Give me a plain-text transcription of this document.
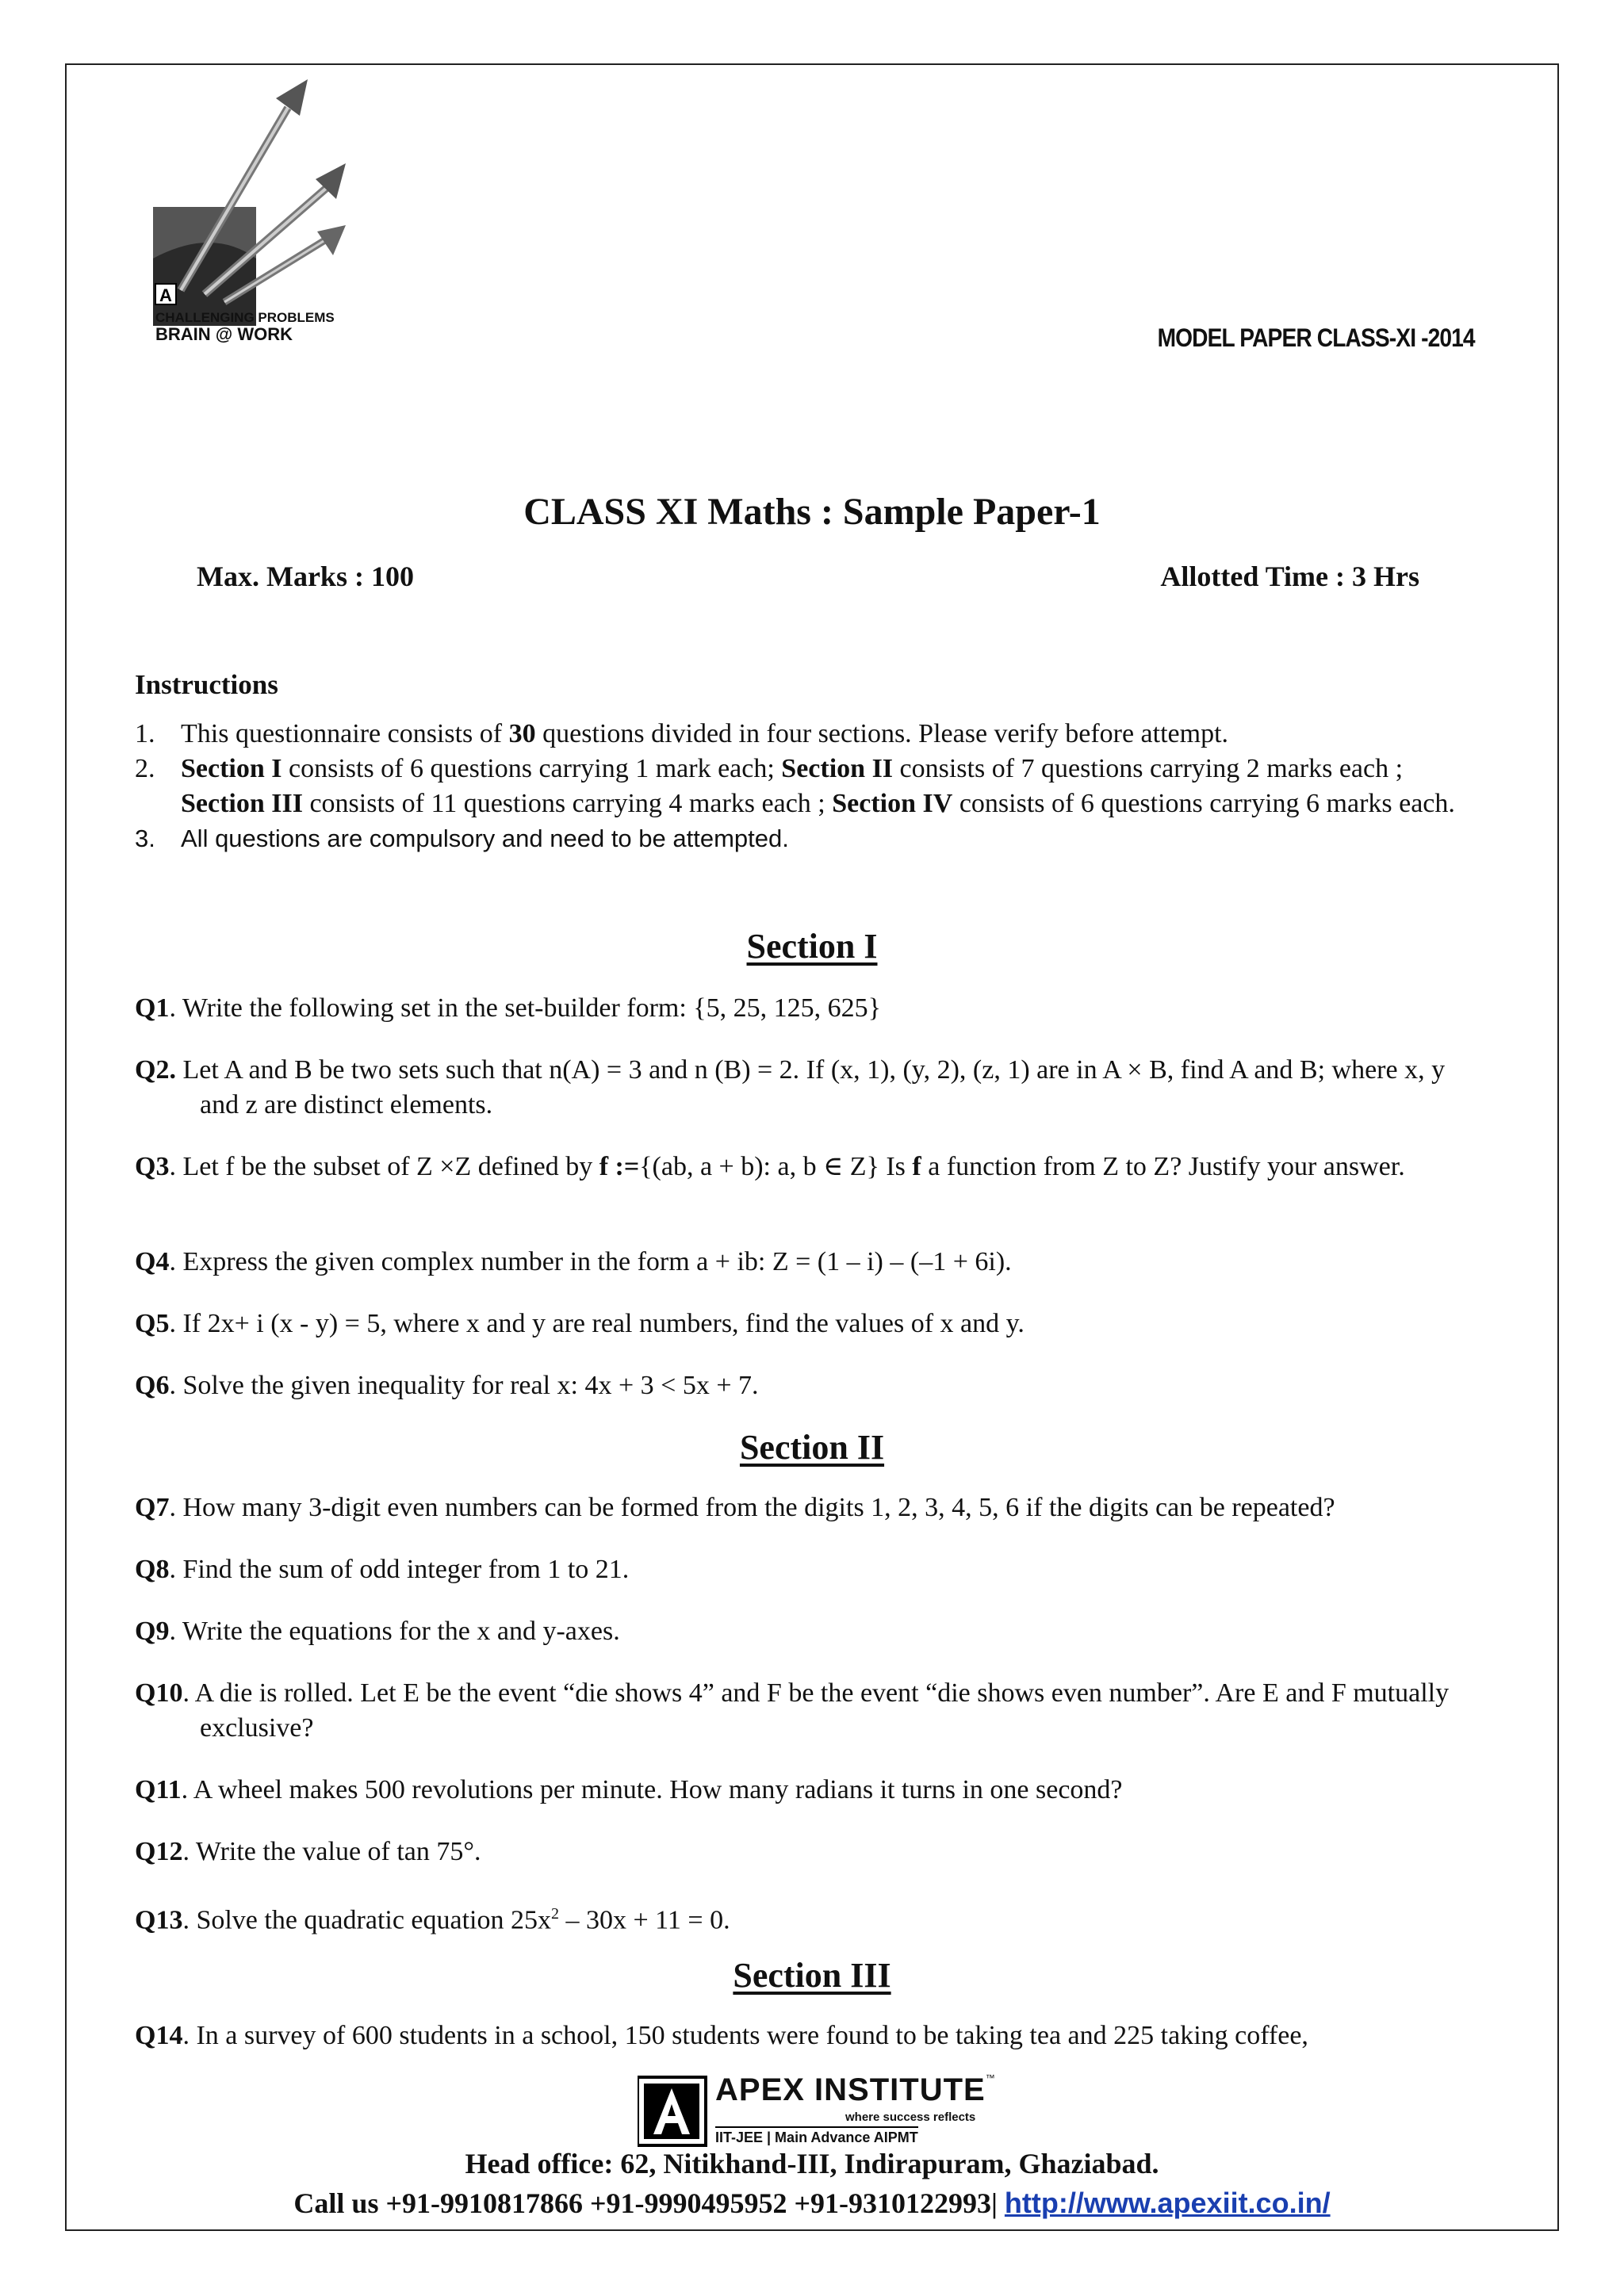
A
CHALLENGING PROBLEMS
BRAIN @ WORK	MODEL PAPER CLASS-XI -2014
CLASS XI Maths : Sample Paper-1
Max. Marks : 100	Allotted Time : 3 Hrs
Instructions
1. This questionnaire consists of 30 questions divided in four sections. Please verify before attempt.
2. Section I consists of 6 questions carrying 1 mark each; Section II consists of 7 questions carrying 2 marks each ; Section III consists of 11 questions carrying 4 marks each ; Section IV consists of 6 questions carrying 6 marks each.
3. All questions are compulsory and need to be attempted.
Section I
Q1. Write the following set in the set-builder form: {5, 25, 125, 625}
Q2. Let A and B be two sets such that n(A) = 3 and n (B) = 2. If (x, 1), (y, 2), (z, 1) are in A × B, find A and B; where x, y and z are distinct elements.
Q3. Let f be the subset of Z ×Z defined by f :={(ab, a + b): a, b ∈ Z} Is f a function from Z to Z? Justify your answer.
Q4. Express the given complex number in the form a + ib: Z = (1 – i) – (–1 + 6i).
Q5. If 2x+ i (x - y) = 5, where x and y are real numbers, find the values of x and y.
Q6. Solve the given inequality for real x: 4x + 3 < 5x + 7.
Section II
Q7. How many 3-digit even numbers can be formed from the digits 1, 2, 3, 4, 5, 6 if the digits can be repeated?
Q8. Find the sum of odd integer from 1 to 21.
Q9. Write the equations for the x and y-axes.
Q10. A die is rolled. Let E be the event “die shows 4” and F be the event “die shows even number”. Are E and F mutually exclusive?
Q11. A wheel makes 500 revolutions per minute. How many radians it turns in one second?
Q12. Write the value of tan 75°.
Q13. Solve the quadratic equation $25x^2 - 30x + 11 = 0$.
Section III
Q14. In a survey of 600 students in a school, 150 students were found to be taking tea and 225 taking coffee,
APEX INSTITUTE™
where success reflects
IIT-JEE | Main Advance AIPMT
Head office: 62, Nitikhand-III, Indirapuram, Ghaziabad.
Call us +91-9910817866 +91-9990495952 +91-9310122993| http://www.apexiit.co.in/
